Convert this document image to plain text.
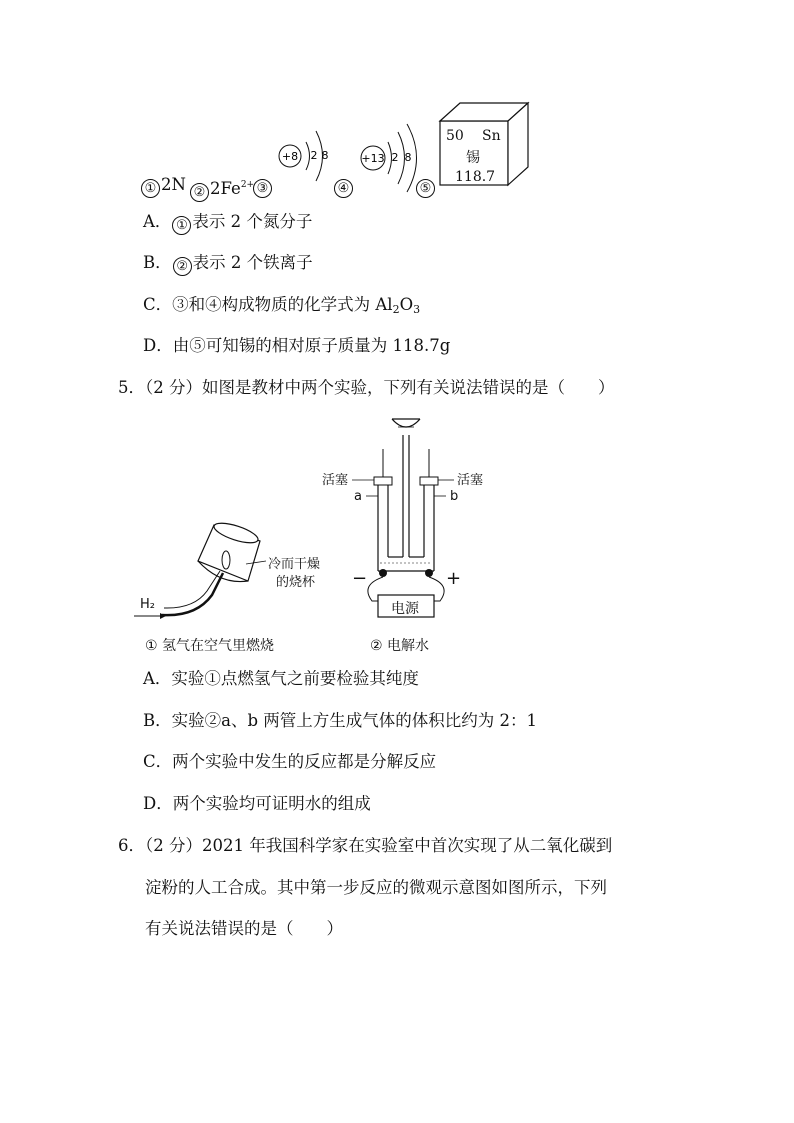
① 2N ② $2Fe^{2+}$ ③	④	⑤
+8 2 8	+13 2 8
50 Sn
锡
118.7
A． ① 表示 2 个氮分子
B． ② 表示 2 个铁离子
C．③和④构成物质的化学式为 $Al_2O_3$
D．由⑤可知锡的相对原子质量为 118.7g
5．（2 分）如图是教材中两个实验，下列有关说法错误的是（　　）
冷而干燥
的烧杯
H₂
① 氢气在空气里燃烧
活塞	活塞
a	b
−	+
电源
② 电解水
A．实验①点燃氢气之前要检验其纯度
B．实验②a、b 两管上方生成气体的体积比约为 2：1
C．两个实验中发生的反应都是分解反应
D．两个实验均可证明水的组成
6．（2 分）2021 年我国科学家在实验室中首次实现了从二氧化碳到
淀粉的人工合成。其中第一步反应的微观示意图如图所示，下列
有关说法错误的是（　　）
